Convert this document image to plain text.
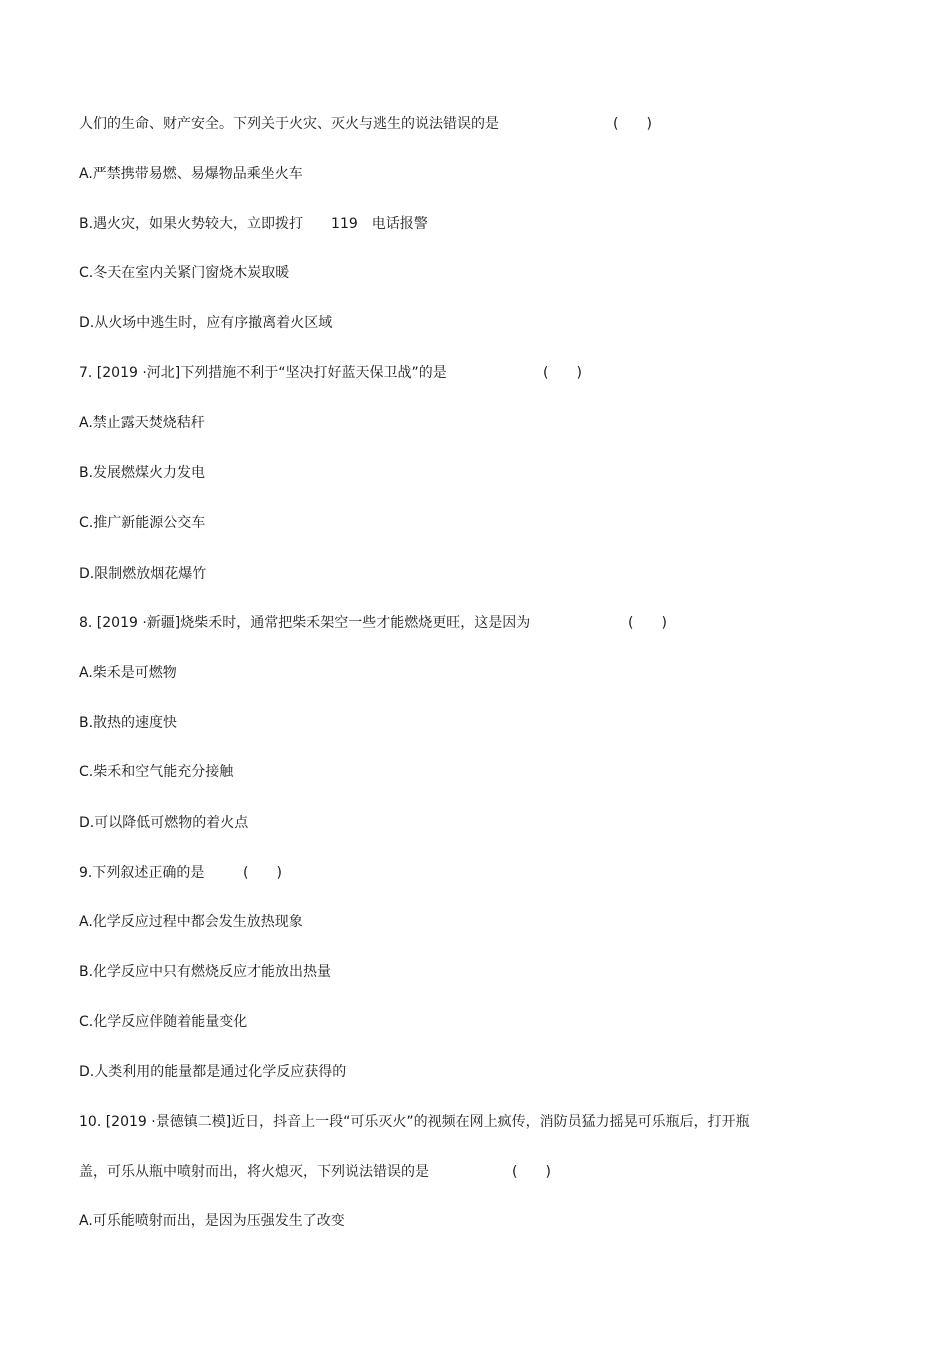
人们的生命、财产安全。下列关于火灾、灭火与逃生的说法错误的是	(　　)
A.严禁携带易燃、易爆物品乘坐火车
B.遇火灾，如果火势较大，立即拨打　　119　电话报警
C.冬天在室内关紧门窗烧木炭取暖
D.从火场中逃生时，应有序撤离着火区域
7. [2019 ·河北]下列措施不利于“坚决打好蓝天保卫战”的是	(　　)
A.禁止露天焚烧秸秆
B.发展燃煤火力发电
C.推广新能源公交车
D.限制燃放烟花爆竹
8. [2019 ·新疆]烧柴禾时，通常把柴禾架空一些才能燃烧更旺，这是因为	(　　)
A.柴禾是可燃物
B.散热的速度快
C.柴禾和空气能充分接触
D.可以降低可燃物的着火点
9.下列叙述正确的是	(　　)
A.化学反应过程中都会发生放热现象
B.化学反应中只有燃烧反应才能放出热量
C.化学反应伴随着能量变化
D.人类利用的能量都是通过化学反应获得的
10. [2019 ·景德镇二模]近日，抖音上一段“可乐灭火”的视频在网上疯传，消防员猛力摇晃可乐瓶后，打开瓶
盖，可乐从瓶中喷射而出，将火熄灭，下列说法错误的是	(　　)
A.可乐能喷射而出，是因为压强发生了改变
